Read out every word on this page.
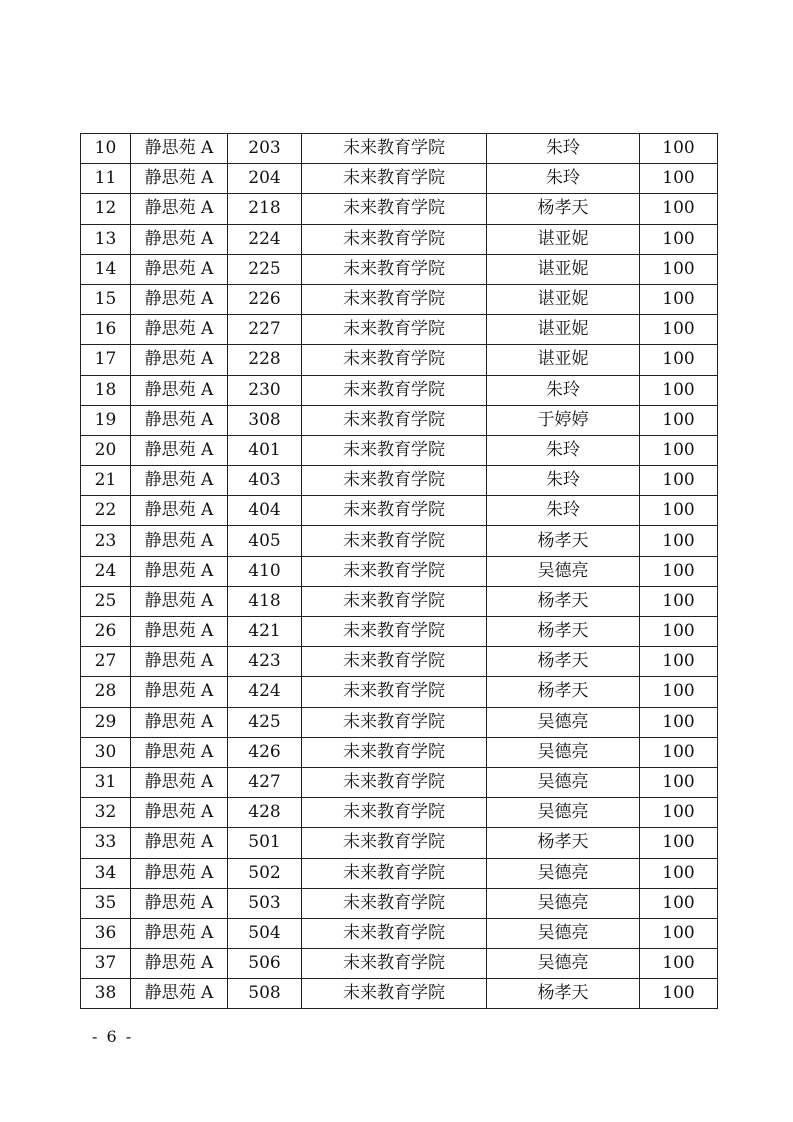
10	静思苑 A	203	未来教育学院	朱玲	100
11	静思苑 A	204	未来教育学院	朱玲	100
12	静思苑 A	218	未来教育学院	杨孝天	100
13	静思苑 A	224	未来教育学院	谌亚妮	100
14	静思苑 A	225	未来教育学院	谌亚妮	100
15	静思苑 A	226	未来教育学院	谌亚妮	100
16	静思苑 A	227	未来教育学院	谌亚妮	100
17	静思苑 A	228	未来教育学院	谌亚妮	100
18	静思苑 A	230	未来教育学院	朱玲	100
19	静思苑 A	308	未来教育学院	于婷婷	100
20	静思苑 A	401	未来教育学院	朱玲	100
21	静思苑 A	403	未来教育学院	朱玲	100
22	静思苑 A	404	未来教育学院	朱玲	100
23	静思苑 A	405	未来教育学院	杨孝天	100
24	静思苑 A	410	未来教育学院	吴德亮	100
25	静思苑 A	418	未来教育学院	杨孝天	100
26	静思苑 A	421	未来教育学院	杨孝天	100
27	静思苑 A	423	未来教育学院	杨孝天	100
28	静思苑 A	424	未来教育学院	杨孝天	100
29	静思苑 A	425	未来教育学院	吴德亮	100
30	静思苑 A	426	未来教育学院	吴德亮	100
31	静思苑 A	427	未来教育学院	吴德亮	100
32	静思苑 A	428	未来教育学院	吴德亮	100
33	静思苑 A	501	未来教育学院	杨孝天	100
34	静思苑 A	502	未来教育学院	吴德亮	100
35	静思苑 A	503	未来教育学院	吴德亮	100
36	静思苑 A	504	未来教育学院	吴德亮	100
37	静思苑 A	506	未来教育学院	吴德亮	100
38	静思苑 A	508	未来教育学院	杨孝天	100
- 6 -
